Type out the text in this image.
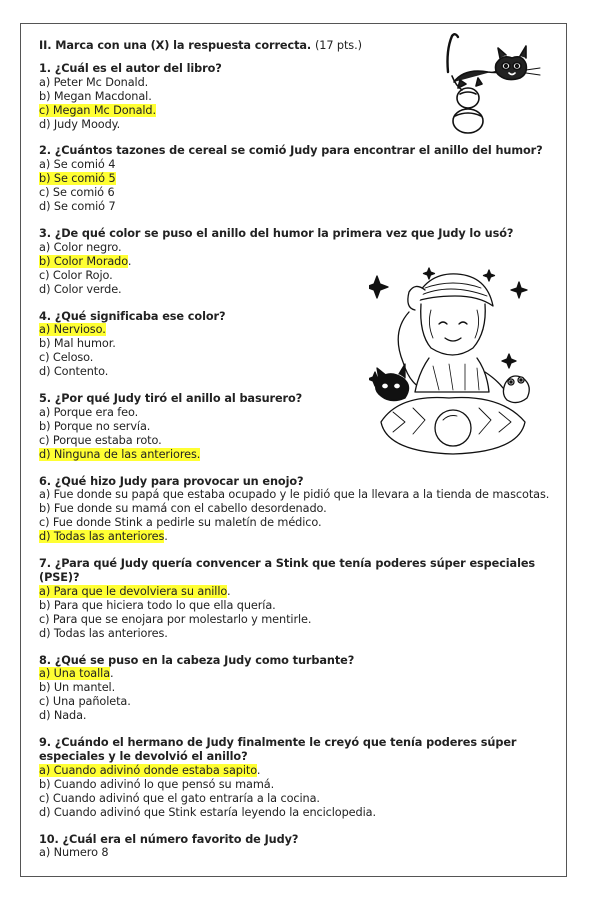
II. Marca con una (X) la respuesta correcta. (17 pts.)
1. ¿Cuál es el autor del libro?
a) Peter Mc Donald.
b) Megan Macdonal.
c) Megan Mc Donald.
d) Judy Moody.
2. ¿Cuántos tazones de cereal se comió Judy para encontrar el anillo del humor?
a) Se comió 4
b) Se comió 5
c) Se comió 6
d) Se comió 7
3. ¿De qué color se puso el anillo del humor la primera vez que Judy lo usó?
a) Color negro.
b) Color Morado.
c) Color Rojo.
d) Color verde.
4. ¿Qué significaba ese color?
a) Nervioso.
b) Mal humor.
c) Celoso.
d) Contento.
5. ¿Por qué Judy tiró el anillo al basurero?
a) Porque era feo.
b) Porque no servía.
c) Porque estaba roto.
d) Ninguna de las anteriores.
6. ¿Qué hizo Judy para provocar un enojo?
a) Fue donde su papá que estaba ocupado y le pidió que la llevara a la tienda de mascotas.
b) Fue donde su mamá con el cabello desordenado.
c) Fue donde Stink a pedirle su maletín de médico.
d) Todas las anteriores.
7. ¿Para qué Judy quería convencer a Stink que tenía poderes súper especiales (PSE)?
a) Para que le devolviera su anillo.
b) Para que hiciera todo lo que ella quería.
c) Para que se enojara por molestarlo y mentirle.
d) Todas las anteriores.
8. ¿Qué se puso en la cabeza Judy como turbante?
a) Una toalla.
b) Un mantel.
c) Una pañoleta.
d) Nada.
9. ¿Cuándo el hermano de Judy finalmente le creyó que tenía poderes súper especiales y le devolvió el anillo?
a) Cuando adivinó donde estaba sapito.
b) Cuando adivinó lo que pensó su mamá.
c) Cuando adivinó que el gato entraría a la cocina.
d) Cuando adivinó que Stink estaría leyendo la enciclopedia.
10. ¿Cuál era el número favorito de Judy?
a) Numero 8
